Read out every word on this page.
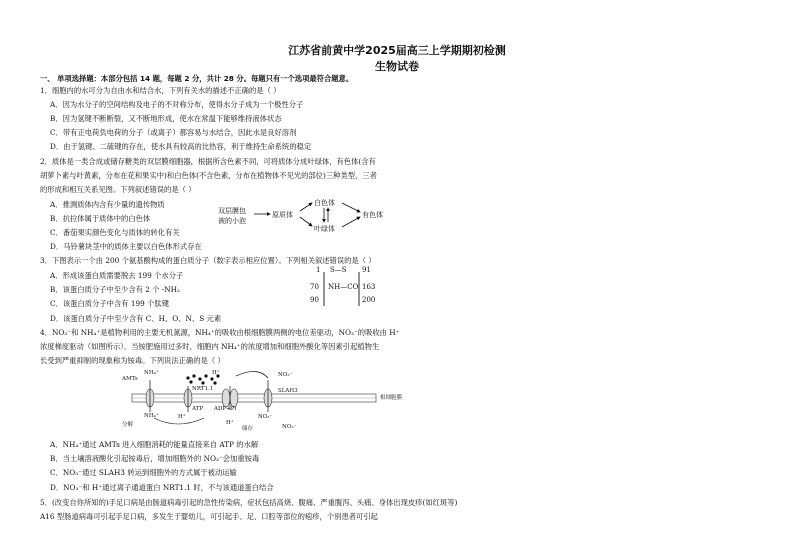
江苏省前黄中学2025届高三上学期期初检测
生物试卷
一、 单项选择题：本部分包括 14 题，每题 2 分，共计 28 分。每题只有一个选项最符合题意。
1．细胞内的水可分为自由水和结合水，下列有关水的描述不正确的是（ ）
A．因为水分子的空间结构及电子的不对称分布，使得水分子成为一个极性分子
B．因为氢键不断断裂，又不断地形成，使水在常温下能够维持液体状态
C．带有正电荷负电荷的分子（或离子）都容易与水结合，因此水是良好溶剂
D．由于氢键、二硫键的存在，使水具有较高的比热容，利于维持生命系统的稳定
2．质体是一类合成或储存糖类的双层膜细胞器，根据所含色素不同，可将质体分成叶绿体，有色体(含有
胡萝卜素与叶黄素，分布在花和果实中)和白色体(不含色素，分布在植物体不见光的部位)三种类型，三者
的形成和相互关系见图。下列叙述错误的是（ ）
A．推测质体内含有少量的遗传物质
B．抗拉体属于质体中的白色体
C．番茄果实颜色变化与质体的转化有关
D．马铃薯块茎中的质体主要以白色体形式存在
双层膜包
被的小泡
原质体
白色体
叶绿体
有色体
3．下图表示一个由 200 个氨基酸构成的蛋白质分子（数字表示相应位置）。下列相关叙述错误的是（ ）
A．形成该蛋白质需要脱去 199 个水分子
B．该蛋白质分子中至少含有 2 个 -NH₂
C．该蛋白质分子中含有 199 个肽键
D．该蛋白质分子中至少含有 C、H、O、N、S 元素
1 S—S 91
70 NH—CO 163
90	200
4．NO₃⁻和 NH₄⁺是植物利用的主要无机氮源，NH₄⁺的吸收由根细胞膜两侧的电位差驱动，NO₃⁻的吸收由 H⁺
浓度梯度驱动（如图所示）。当铵肥施用过多时，细胞内 NH₄⁺的浓度增加和细胞外酸化等因素引起植物生
长受到严重抑制的现象称为铵毒。下列说法正确的是（ ）
AMTs
NH₄⁺	H⁺
NRT1.1
NO₃⁻
SLAH3
根细胞膜
ATP ADP+Pi
H⁺
NH₄⁺
分解
NO₃⁻
H⁺
储存	NO₃⁻
A．NH₄⁺通过 AMTs 进入细胞消耗的能量直接来自 ATP 的水解
B．当土壤溶液酸化引起铵毒后，增加细胞外的 NO₃⁻会加重铵毒
C．NO₃⁻通过 SLAH3 转运到细胞外的方式属于被动运输
D．NO₃⁻和 H⁺通过离子通道蛋白 NRT1.1 时，不与该通道蛋白结合
5．(改变自你所知的)手足口病是由肠道病毒引起的急性传染病，症状包括高烧、腹痛、严重腹泻、头痛、身体出现皮疹(如红斑等)
A16 型肠道病毒可引起手足口病，多发生于婴幼儿，可引起手、足、口腔等部位的疱疹，个别患者可引起
